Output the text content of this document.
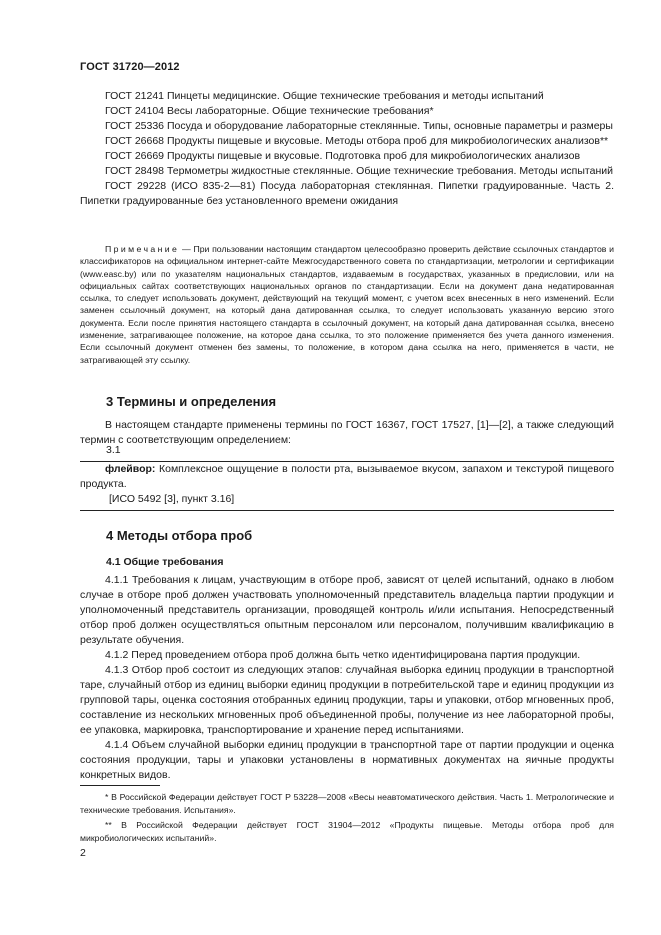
ГОСТ 31720—2012

ГОСТ 21241 Пинцеты медицинские. Общие технические требования и методы испытаний

ГОСТ 24104 Весы лабораторные. Общие технические требования*

ГОСТ 25336 Посуда и оборудование лабораторные стеклянные. Типы, основные параметры и размеры

ГОСТ 26668 Продукты пищевые и вкусовые. Методы отбора проб для микробиологических анализов**

ГОСТ 26669 Продукты пищевые и вкусовые. Подготовка проб для микробиологических анализов

ГОСТ 28498 Термометры жидкостные стеклянные. Общие технические требования. Методы испытаний

ГОСТ 29228 (ИСО 835-2—81) Посуда лабораторная стеклянная. Пипетки градуированные. Часть 2. Пипетки градуированные без установленного времени ожидания

Примечание — При пользовании настоящим стандартом целесообразно проверить действие ссылочных стандартов и классификаторов на официальном интернет-сайте Межгосударственного совета по стандартизации, метрологии и сертификации (www.easc.by) или по указателям национальных стандартов, издаваемым в государствах, указанных в предисловии, или на официальных сайтах соответствующих национальных органов по стандартизации. Если на документ дана недатированная ссылка, то следует использовать документ, действующий на текущий момент, с учетом всех внесенных в него изменений. Если заменен ссылочный документ, на который дана датированная ссылка, то следует использовать указанную версию этого документа. Если после принятия настоящего стандарта в ссылочный документ, на который дана датированная ссылка, внесено изменение, затрагивающее положение, на которое дана ссылка, то это положение применяется без учета данного изменения. Если ссылочный документ отменен без замены, то положение, в котором дана ссылка на него, применяется в части, не затрагивающей эту ссылку.
3 Термины и определения

В настоящем стандарте применены термины по ГОСТ 16367, ГОСТ 17527, [1]—[2], а также следующий термин с соответствующим определением:

3.1

флейвор: Комплексное ощущение в полости рта, вызываемое вкусом, запахом и текстурой пищевого продукта.

[ИСО 5492 [3], пункт 3.16]

4 Методы отбора проб
4.1 Общие требования

4.1.1 Требования к лицам, участвующим в отборе проб, зависят от целей испытаний, однако в любом случае в отборе проб должен участвовать уполномоченный представитель владельца партии продукции и уполномоченный представитель организации, проводящей контроль и/или испытания. Непосредственный отбор проб должен осуществляться опытным персоналом или персоналом, получившим квалификацию в результате обучения.

4.1.2 Перед проведением отбора проб должна быть четко идентифицирована партия продукции.

4.1.3 Отбор проб состоит из следующих этапов: случайная выборка единиц продукции в транспортной таре, случайный отбор из единиц выборки единиц продукции в потребительской таре и единиц продукции из групповой тары, оценка состояния отобранных единиц продукции, тары и упаковки, отбор мгновенных проб, составление из нескольких мгновенных проб объединенной пробы, получение из нее лабораторной пробы, ее упаковка, маркировка, транспортирование и хранение перед испытаниями.

4.1.4 Объем случайной выборки единиц продукции в транспортной таре от партии продукции и оценка состояния продукции, тары и упаковки установлены в нормативных документах на яичные продукты конкретных видов.

* В Российской Федерации действует ГОСТ Р 53228—2008 «Весы неавтоматического действия. Часть 1. Метрологические и технические требования. Испытания».

** В Российской Федерации действует ГОСТ 31904—2012 «Продукты пищевые. Методы отбора проб для микробиологических испытаний».

2
